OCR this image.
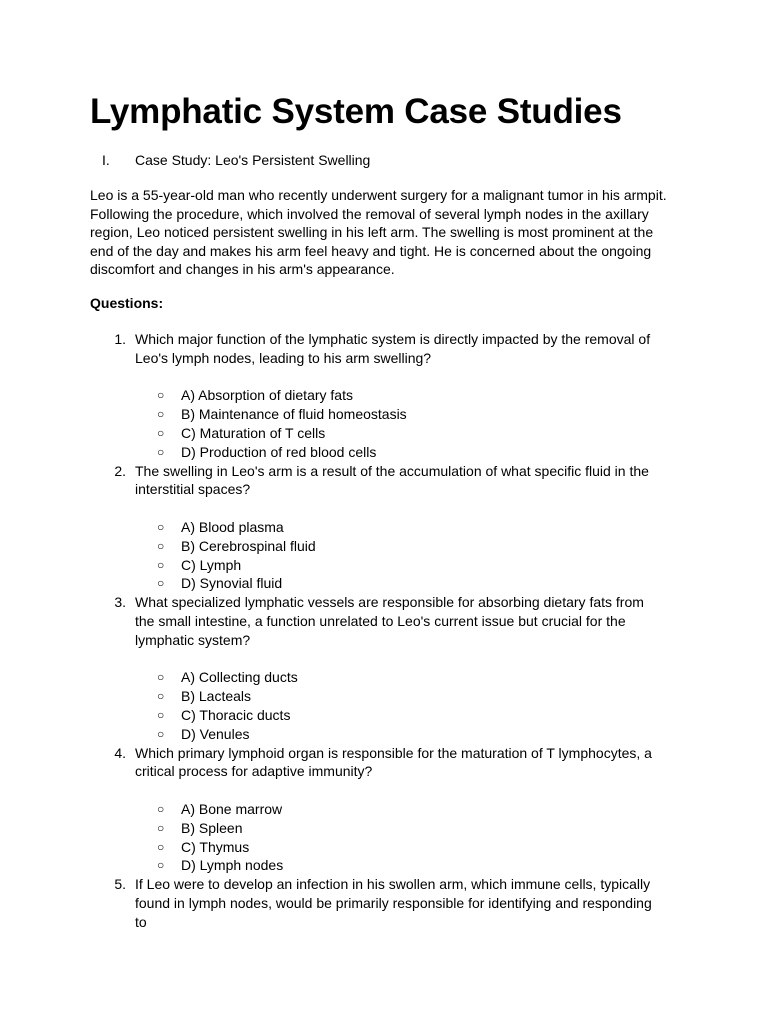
Lymphatic System Case Studies
I. Case Study: Leo's Persistent Swelling

Leo is a 55-year-old man who recently underwent surgery for a malignant tumor in his armpit. Following the procedure, which involved the removal of several lymph nodes in the axillary region, Leo noticed persistent swelling in his left arm. The swelling is most prominent at the end of the day and makes his arm feel heavy and tight. He is concerned about the ongoing discomfort and changes in his arm's appearance.

Questions:
1. Which major function of the lymphatic system is directly impacted by the removal of Leo's lymph nodes, leading to his arm swelling?
○ A) Absorption of dietary fats
○ B) Maintenance of fluid homeostasis
○ C) Maturation of T cells
○ D) Production of red blood cells
2. The swelling in Leo's arm is a result of the accumulation of what specific fluid in the interstitial spaces?
○ A) Blood plasma
○ B) Cerebrospinal fluid
○ C) Lymph
○ D) Synovial fluid
3. What specialized lymphatic vessels are responsible for absorbing dietary fats from the small intestine, a function unrelated to Leo's current issue but crucial for the lymphatic system?
○ A) Collecting ducts
○ B) Lacteals
○ C) Thoracic ducts
○ D) Venules
4. Which primary lymphoid organ is responsible for the maturation of T lymphocytes, a critical process for adaptive immunity?
○ A) Bone marrow
○ B) Spleen
○ C) Thymus
○ D) Lymph nodes
5. If Leo were to develop an infection in his swollen arm, which immune cells, typically found in lymph nodes, would be primarily responsible for identifying and responding to
